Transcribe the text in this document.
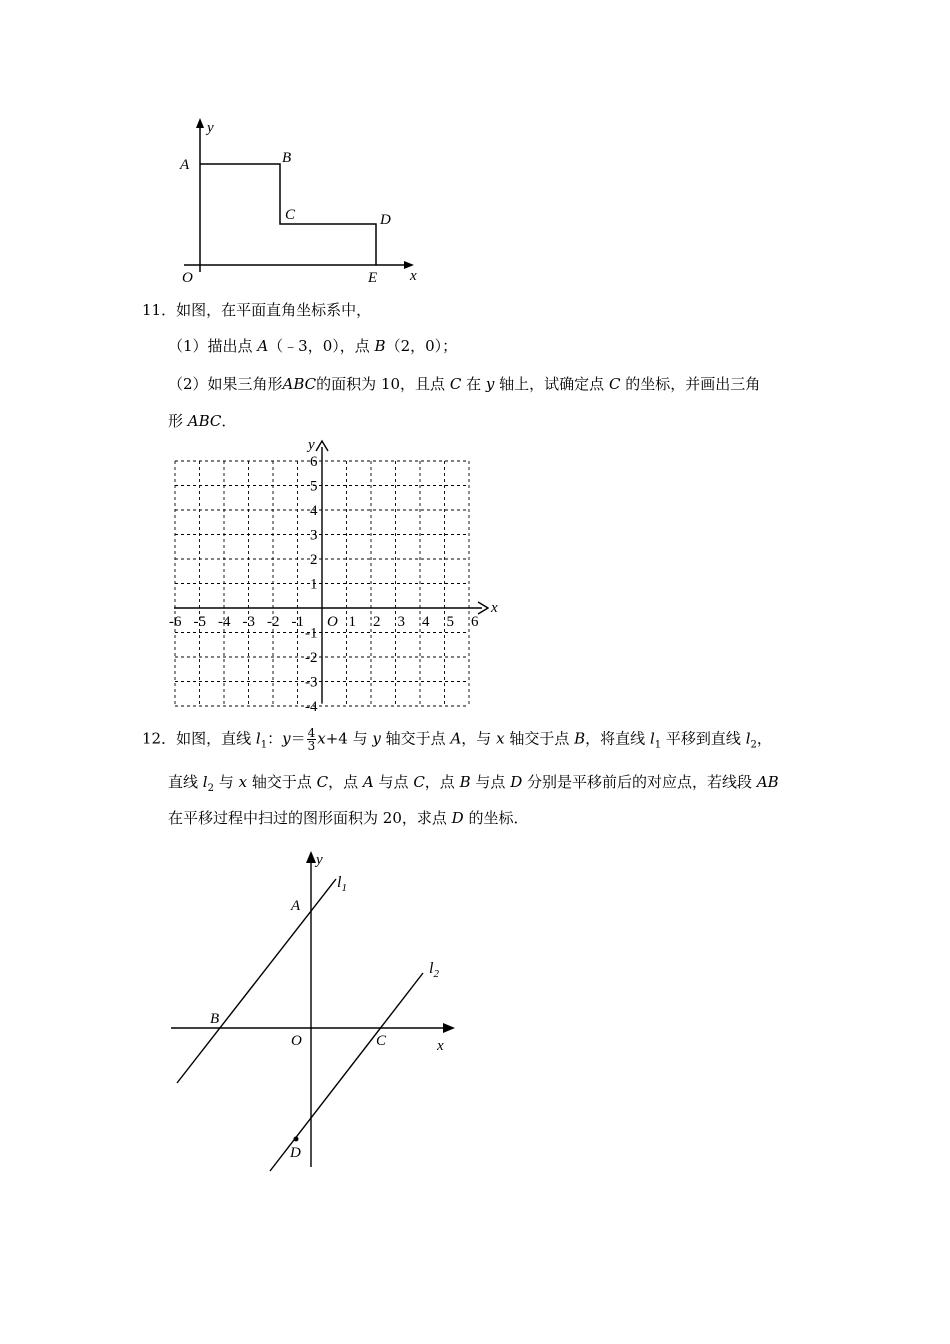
y
A	B
C	D
O	E x
11．如图，在平面直角坐标系中，
（1）描出点 A（﹣3，0），点 B（2，0）；
（2）如果三角形ABC的面积为 10，且点 C 在 y 轴上，试确定点 C 的坐标，并画出三角
形 ABC．
x
y
O
-6 -5 -4 -3 -2 -1	1 2 3 4 5 6
6
5
4
3
2
1
-1
-2
-3
-4
12．如图，直线 $l_1$：$y= \frac{4}{3} x+4$ 与 y 轴交于点 A，与 x 轴交于点 B，将直线 $l_1$ 平移到直线 $l_2$，
直线 $l_2$ 与 x 轴交于点 C，点 A 与点 C，点 B 与点 D 分别是平移前后的对应点，若线段 AB
在平移过程中扫过的图形面积为 20，求点 D 的坐标．
y
$l_1$
A
$l_2$
B
O	C	x
D
